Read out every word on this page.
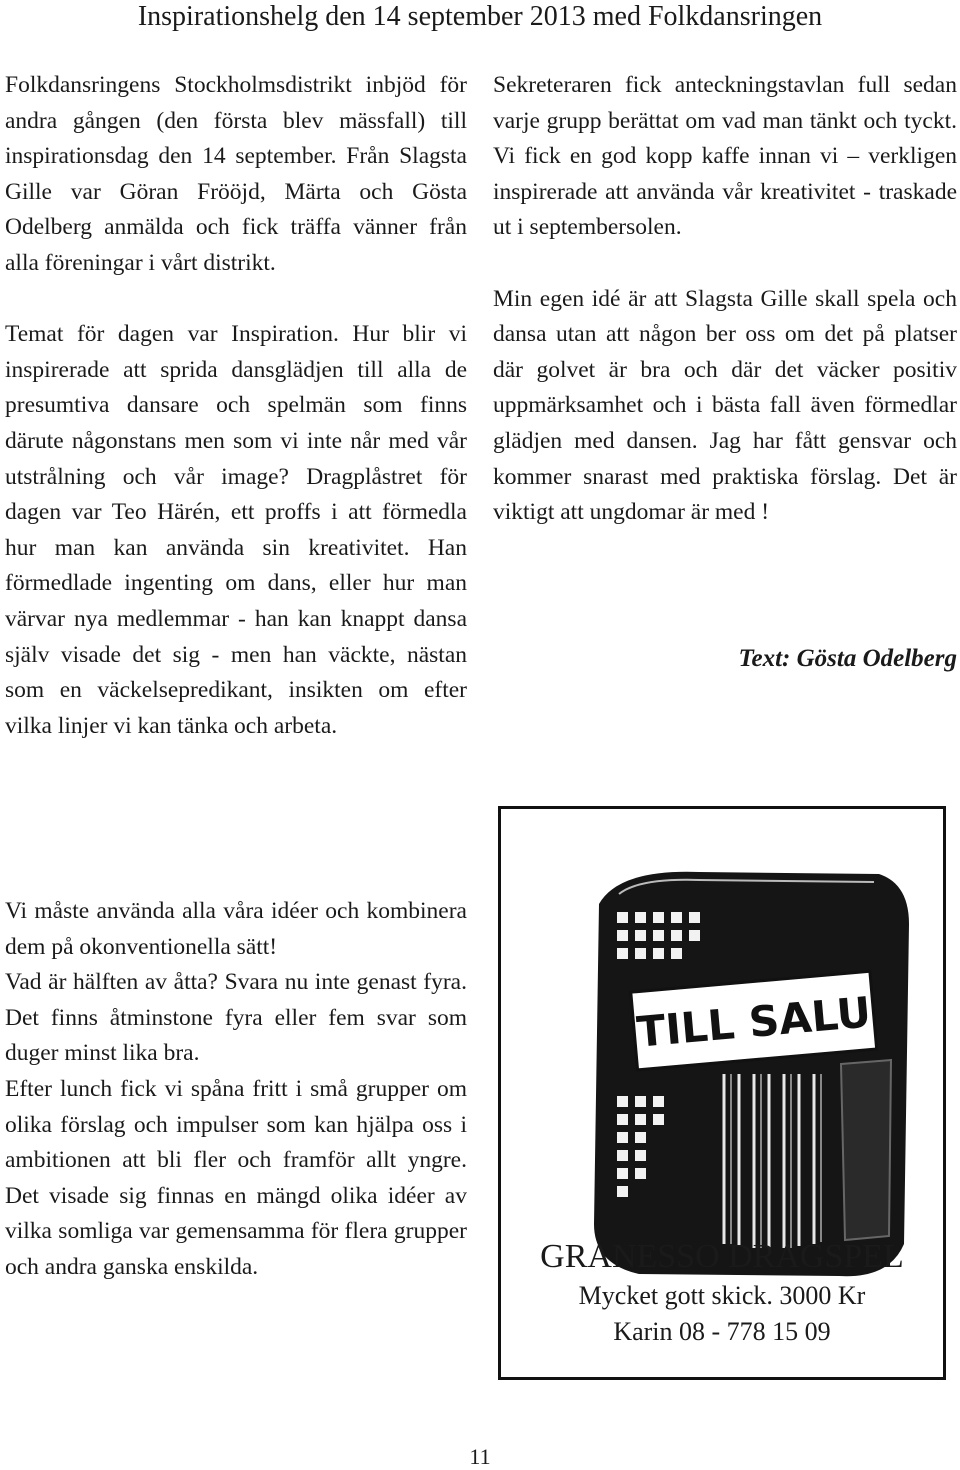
Inspirationshelg den 14 september 2013 med Folkdansringen

Folkdansringens Stockholmsdistrikt inbjöd för andra gången (den första blev mässfall) till inspirationsdag den 14 september. Från Slagsta Gille var Göran Frööjd, Märta och Gösta Odelberg anmälda och fick träffa vänner från alla föreningar i vårt distrikt.

Temat för dagen var Inspiration. Hur blir vi inspirerade att sprida dansglädjen till alla de presumtiva dansare och spelmän som finns därute någonstans men som vi inte når med vår utstrålning och vår image? Dragplåstret för dagen var Teo Härén, ett proffs i att förmedla hur man kan använda sin kreativitet. Han förmedlade ingenting om dans, eller hur man värvar nya medlemmar - han kan knappt dansa själv visade det sig - men han väckte, nästan som en väckelsepredikant, insikten om efter vilka linjer vi kan tänka och arbeta.

Vi måste använda alla våra idéer och kombinera dem på okonventionella sätt!

Vad är hälften av åtta? Svara nu inte genast fyra. Det finns åtminstone fyra eller fem svar som duger minst lika bra.

Efter lunch fick vi spåna fritt i små grupper om olika förslag och impulser som kan hjälpa oss i ambitionen att bli fler och framför allt yngre. Det visade sig finnas en mängd olika idéer av vilka somliga var gemensamma för flera grupper och andra ganska enskilda.

Sekreteraren fick anteckningstavlan full sedan varje grupp berättat om vad man tänkt och tyckt. Vi fick en god kopp kaffe innan vi – verkligen inspirerade att använda vår kreativitet - traskade ut i septembersolen.

Min egen idé är att Slagsta Gille skall spela och dansa utan att någon ber oss om det på platser där golvet är bra och där det väcker positiv uppmärksamhet och i bästa fall även förmedlar glädjen med dansen. Jag har fått gensvar och kommer snarast med praktiska förslag. Det är viktigt att ungdomar är med !

Text: Gösta Odelberg
TILL SALU
GRANESSO DRAGSPEL
Mycket gott skick. 3000 Kr
Karin 08 - 778 15 09
11
